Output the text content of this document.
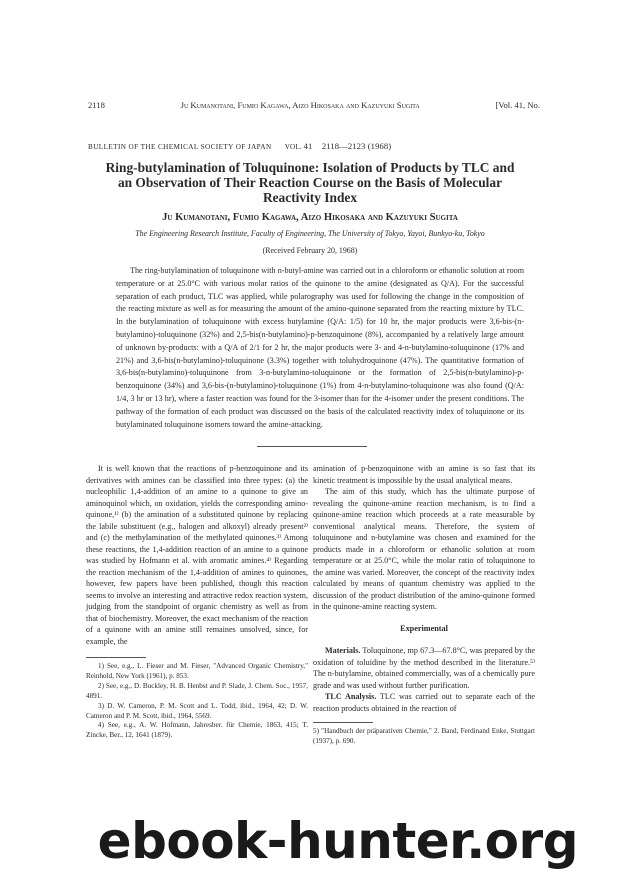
2118	Ju Kumanotani, Fumio Kagawa, Aizo Hikosaka and Kazuyuki Sugita	[Vol. 41, No.
BULLETIN OF THE CHEMICAL SOCIETY OF JAPAN VOL. 41 2118—2123 (1968)
Ring-butylamination of Toluquinone: Isolation of Products by TLC and an Observation of Their Reaction Course on the Basis of Molecular Reactivity Index
Ju Kumanotani, Fumio Kagawa, Aizo Hikosaka and Kazuyuki Sugita
The Engineering Research Institute, Faculty of Engineering, The University of Tokyo, Yayoi, Bunkyo-ku, Tokyo
(Received February 20, 1968)

The ring-butylamination of toluquinone with n-butyl-amine was carried out in a chloroform or ethanolic solution at room temperature or at 25.0°C with various molar ratios of the quinone to the amine (designated as Q/A). For the successful separation of each product, TLC was applied, while polarography was used for following the change in the composition of the reacting mixture as well as for measuring the amount of the amino-quinone separated from the reacting mixture by TLC. In the butylamination of toluquinone with excess butylamine (Q/A: 1/5) for 10 hr, the major products were 3,6-bis-(n-butylamino)-toluquinone (32%) and 2,5-bis(n-butylamino)-p-benzoquinone (8%), accompanied by a relatively large amount of unknown by-products: with a Q/A of 2/1 for 2 hr, the major products were 3- and 4-n-butylamino-toluquinone (17% and 21%) and 3,6-bis(n-butylamino)-toluquinone (3.3%) together with toluhydroquinone (47%). The quantitative formation of 3,6-bis(n-butylamino)-toluquinone from 3-n-butylamino-toluquinone or the formation of 2,5-bis(n-butylamino)-p-benzoquinone (34%) and 3,6-bis-(n-butylamino)-toluquinone (1%) from 4-n-butylamino-toluquinone was also found (Q/A: 1/4, 3 hr or 13 hr), where a faster reaction was found for the 3-isomer than for the 4-isomer under the present conditions. The pathway of the formation of each product was discussed on the basis of the calculated reactivity index of toluquinone or its butylaminated toluquinone isomers toward the amine-attacking.

It is well known that the reactions of p-benzoquinone and its derivatives with amines can be classified into three types: (a) the nucleophilic 1,4-addition of an amine to a quinone to give an aminoquinol which, on oxidation, yields the corresponding amino-quinone,¹⁾ (b) the amination of a substituted quinone by replacing the labile substituent (e.g., halogen and alkoxyl) already present²⁾ and (c) the methylamination of the methylated quinones.³⁾ Among these reactions, the 1,4-addition reaction of an amine to a quinone was studied by Hofmann et al. with aromatic amines.⁴⁾ Regarding the reaction mechanism of the 1,4-addition of amines to quinones, however, few papers have been published, though this reaction seems to involve an interesting and attractive redox reaction system, judging from the standpoint of organic chemistry as well as from that of biochemistry. Moreover, the exact mechanism of the reaction of a quinone with an amine still remaines unsolved, since, for example, the

1) See, e.g., L. Fieser and M. Fieser, "Advanced Organic Chemistry," Reinhold, New York (1961), p. 853.

2) See, e.g., D. Buckley, H. B. Henbst and P. Slade, J. Chem. Soc., 1957, 4891.

3) D. W. Cameron, P. M. Scott and L. Todd, ibid., 1964, 42; D. W. Cameron and P. M. Scott, ibid., 1964, 5569.

4) See, e.g., A. W. Hofmann, Jahresber. für Chemie, 1863, 415; T. Zincke, Ber., 12, 1641 (1879).

amination of p-benzoquinone with an amine is so fast that its kinetic treatment is impossible by the usual analytical means.

The aim of this study, which has the ultimate purpose of revealing the quinone-amine reaction mechanism, is to find a quinone-amine reaction which proceeds at a rate measurable by conventional analytical means. Therefore, the system of toluquinone and n-butylamine was chosen and examined for the products made in a chloroform or ethanolic solution at room temperature or at 25.0°C, while the molar ratio of toluquinone to the amine was varied. Moreover, the concept of the reactivity index calculated by means of quantum chemistry was applied to the discussion of the product distribution of the amino-quinone formed in the quinone-amine reacting system.

Experimental

Materials. Toluquinone, mp 67.3—67.8°C, was prepared by the oxidation of toluidine by the method described in the literature.⁵⁾ The n-butylamine, obtained commercially, was of a chemically pure grade and was used without further purification.

TLC Analysis. TLC was carried out to separate each of the reaction products obtained in the reaction of

5) "Handbuch der präparativen Chemie," 2. Band, Ferdinand Enke, Stuttgart (1937), p. 690.
ebook-hunter.org
